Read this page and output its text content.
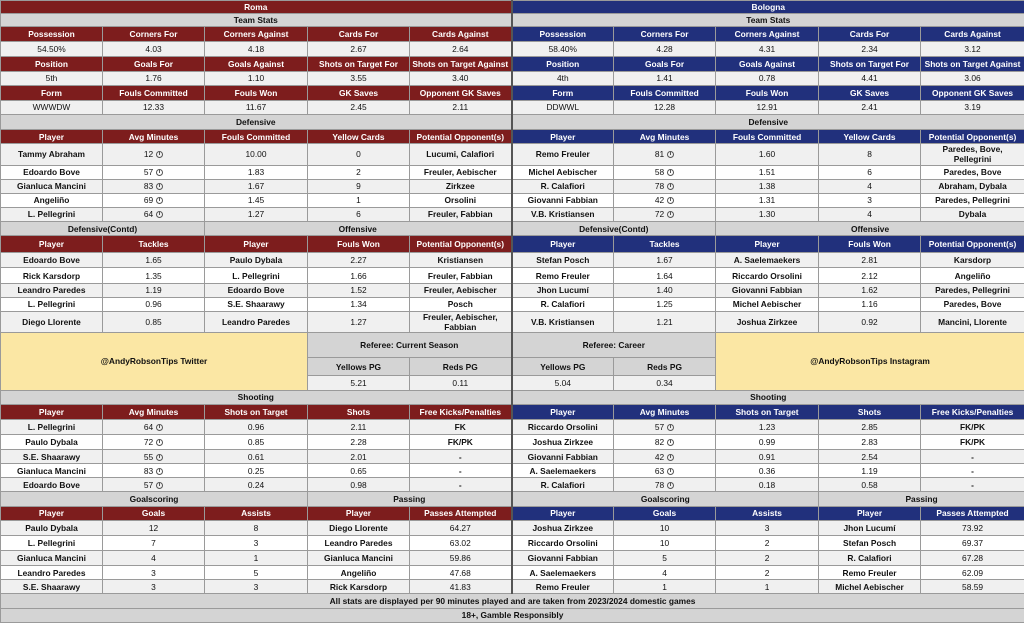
Roma					Bologna				
Team Stats					Team Stats				
Possession	Corners For	Corners Against	Cards For	Cards Against	Possession	Corners For	Corners Against	Cards For	Cards Against
54.50%	4.03	4.18	2.67	2.64	58.40%	4.28	4.31	2.34	3.12
Position	Goals For	Goals Against	Shots on Target For	Shots on Target Against	Position	Goals For	Goals Against	Shots on Target For	Shots on Target Against
5th	1.76	1.10	3.55	3.40	4th	1.41	0.78	4.41	3.06
Form	Fouls Committed	Fouls Won	GK Saves	Opponent GK Saves	Form	Fouls Committed	Fouls Won	GK Saves	Opponent GK Saves
WWWDW	12.33	11.67	2.45	2.11	DDWWL	12.28	12.91	2.41	3.19
Defensive					Defensive				
Player	Avg Minutes	Fouls Committed	Yellow Cards	Potential Opponent(s)	Player	Avg Minutes	Fouls Committed	Yellow Cards	Potential Opponent(s)
Tammy Abraham	12	10.00	0	Lucumi, Calafiori	Remo Freuler	81	1.60	8	Paredes, Bove, Pellegrini
Edoardo Bove	57	1.83	2	Freuler, Aebischer	Michel Aebischer	58	1.51	6	Paredes, Bove
Gianluca Mancini	83	1.67	9	Zirkzee	R. Calafiori	78	1.38	4	Abraham, Dybala
Angeliño	69	1.45	1	Orsolini	Giovanni Fabbian	42	1.31	3	Paredes, Pellegrini
L. Pellegrini	64	1.27	6	Freuler, Fabbian	V.B. Kristiansen	72	1.30	4	Dybala
Defensive(Contd)		Offensive			Defensive(Contd)		Offensive		
Player	Tackles	Player	Fouls Won	Potential Opponent(s)	Player	Tackles	Player	Fouls Won	Potential Opponent(s)
Edoardo Bove	1.65	Paulo Dybala	2.27	Kristiansen	Stefan Posch	1.67	A. Saelemaekers	2.81	Karsdorp
Rick Karsdorp	1.35	L. Pellegrini	1.66	Freuler, Fabbian	Remo Freuler	1.64	Riccardo Orsolini	2.12	Angeliño
Leandro Paredes	1.19	Edoardo Bove	1.52	Freuler, Aebischer	Jhon Lucumí	1.40	Giovanni Fabbian	1.62	Paredes, Pellegrini
L. Pellegrini	0.96	S.E. Shaarawy	1.34	Posch	R. Calafiori	1.25	Michel Aebischer	1.16	Paredes, Bove
Diego Llorente	0.85	Leandro Paredes	1.27	Freuler, Aebischer, Fabbian	V.B. Kristiansen	1.21	Joshua Zirkzee	0.92	Mancini, Llorente
@AndyRobsonTips Twitter			Referee: Current Season		Referee: Career		@AndyRobsonTips Instagram		
			Yellows PG	Reds PG	Yellows PG	Reds PG			
			5.21	0.11	5.04	0.34			
Shooting					Shooting				
Player	Avg Minutes	Shots on Target	Shots	Free Kicks/Penalties	Player	Avg Minutes	Shots on Target	Shots	Free Kicks/Penalties
L. Pellegrini	64	0.96	2.11	FK	Riccardo Orsolini	57	1.23	2.85	FK/PK
Paulo Dybala	72	0.85	2.28	FK/PK	Joshua Zirkzee	82	0.99	2.83	FK/PK
S.E. Shaarawy	55	0.61	2.01	-	Giovanni Fabbian	42	0.91	2.54	-
Gianluca Mancini	83	0.25	0.65	-	A. Saelemaekers	63	0.36	1.19	-
Edoardo Bove	57	0.24	0.98	-	R. Calafiori	78	0.18	0.58	-
Goalscoring			Passing		Goalscoring			Passing	
Player	Goals	Assists	Player	Passes Attempted	Player	Goals	Assists	Player	Passes Attempted
Paulo Dybala	12	8	Diego Llorente	64.27	Joshua Zirkzee	10	3	Jhon Lucumí	73.92
L. Pellegrini	7	3	Leandro Paredes	63.02	Riccardo Orsolini	10	2	Stefan Posch	69.37
Gianluca Mancini	4	1	Gianluca Mancini	59.86	Giovanni Fabbian	5	2	R. Calafiori	67.28
Leandro Paredes	3	5	Angeliño	47.68	A. Saelemaekers	4	2	Remo Freuler	62.09
S.E. Shaarawy	3	3	Rick Karsdorp	41.83	Remo Freuler	1	1	Michel Aebischer	58.59
All stats are displayed per 90 minutes played and are taken from 2023/2024 domestic games									
18+, Gamble Responsibly									
